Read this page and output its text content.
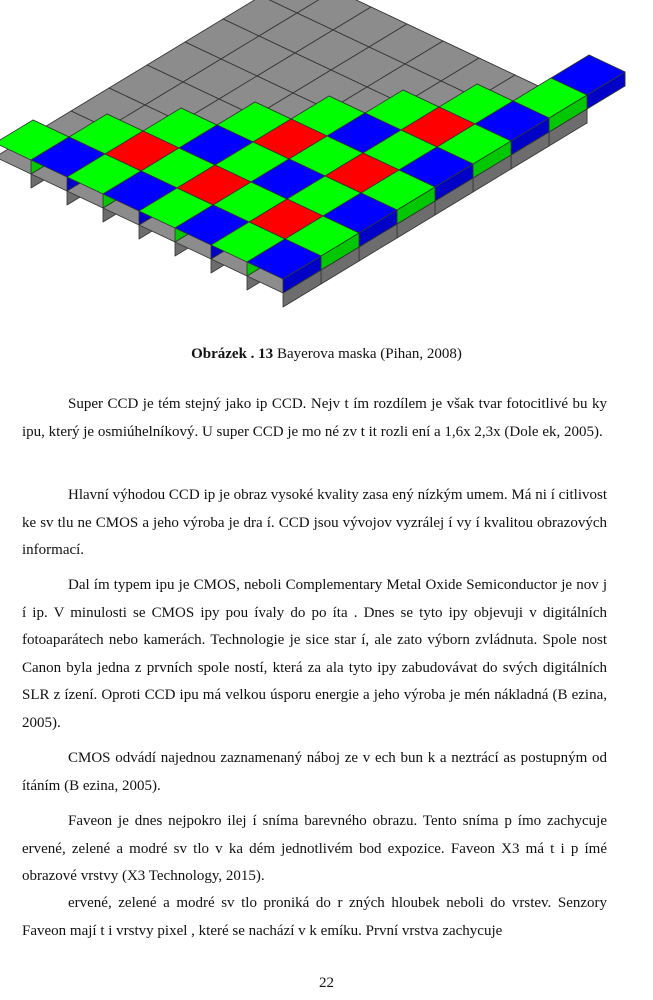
Obrázek . 13 Bayerova maska (Pihan, 2008)

Super CCD je tém stejný jako ip CCD. Nejv t ím rozdílem je však tvar fotocitlivé bu ky ipu, který je osmiúhelníkový. U super CCD je mo né zv t it rozli ení a 1,6x 2,3x (Dole ek, 2005).

Hlavní výhodou CCD ip je obraz vysoké kvality zasa ený nízkým umem. Má ni í citlivost ke sv tlu ne CMOS a jeho výroba je dra í. CCD jsou vývojov vyzrálej í vy í kvalitou obrazových informací.

Dal ím typem ipu je CMOS, neboli Complementary Metal Oxide Semiconductor je nov j í ip. V minulosti se CMOS ipy pou ívaly do po íta . Dnes se tyto ipy objevuji v digitálních fotoaparátech nebo kamerách. Technologie je sice star í, ale zato výborn zvládnuta. Spole nost Canon byla jedna z prvních spole ností, která za ala tyto ipy zabudovávat do svých digitálních SLR z ízení. Oproti CCD ipu má velkou úsporu energie a jeho výroba je mén nákladná (B ezina, 2005).

CMOS odvádí najednou zaznamenaný náboj ze v ech bun k a neztrácí as postupným od ítáním (B ezina, 2005).

Faveon je dnes nejpokro ilej í sníma barevného obrazu. Tento sníma p ímo zachycuje ervené, zelené a modré sv tlo v ka dém jednotlivém bod expozice. Faveon X3 má t i p ímé obrazové vrstvy (X3 Technology, 2015).

ervené, zelené a modré sv tlo proniká do r zných hloubek neboli do vrstev. Senzory Faveon mají t i vrstvy pixel , které se nachází v k emíku. První vrstva zachycuje

22
